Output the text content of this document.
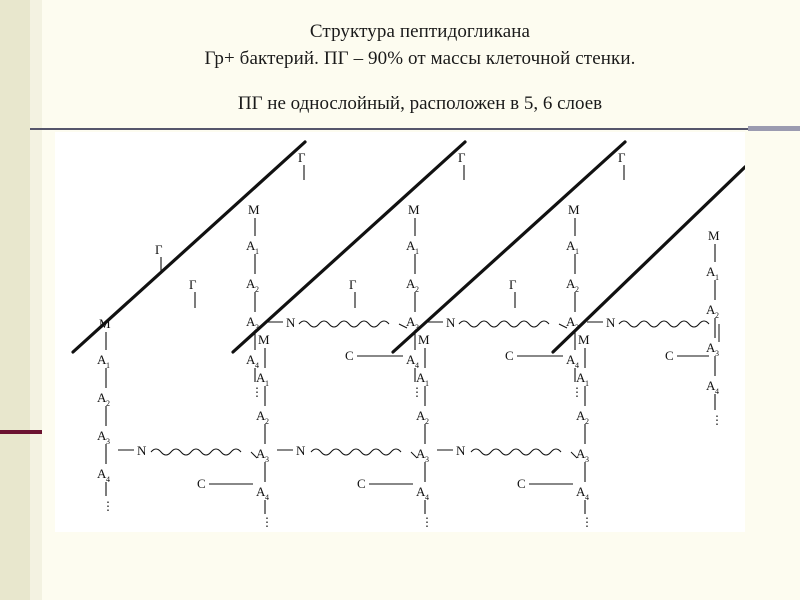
Структура пептидогликана
Гр+ бактерий. ПГ – 90% от массы клеточной стенки.
ПГ не однослойный, расположен в 5, 6 слоев
M
A 1
A 2
A 3
A 4
⋮
Г
M
A 1
A 2
A 3
A 4
⋮
Г
Г
M
A 1
A 2
A 3
A 4
M
A 1
A 2
A 3
A 4
⋮
Г
Г
M
A 1
A 2
A 3
A 4
M
A 1
A 2
A 3
A 4
⋮
Г
Г
M
A 1
A 2
A 3
A 4
M
A 1
A 2
A 3
A 4
⋮
N
C
N
C
N
C
N
C
N
C
N
C
⋮	⋮	⋮
